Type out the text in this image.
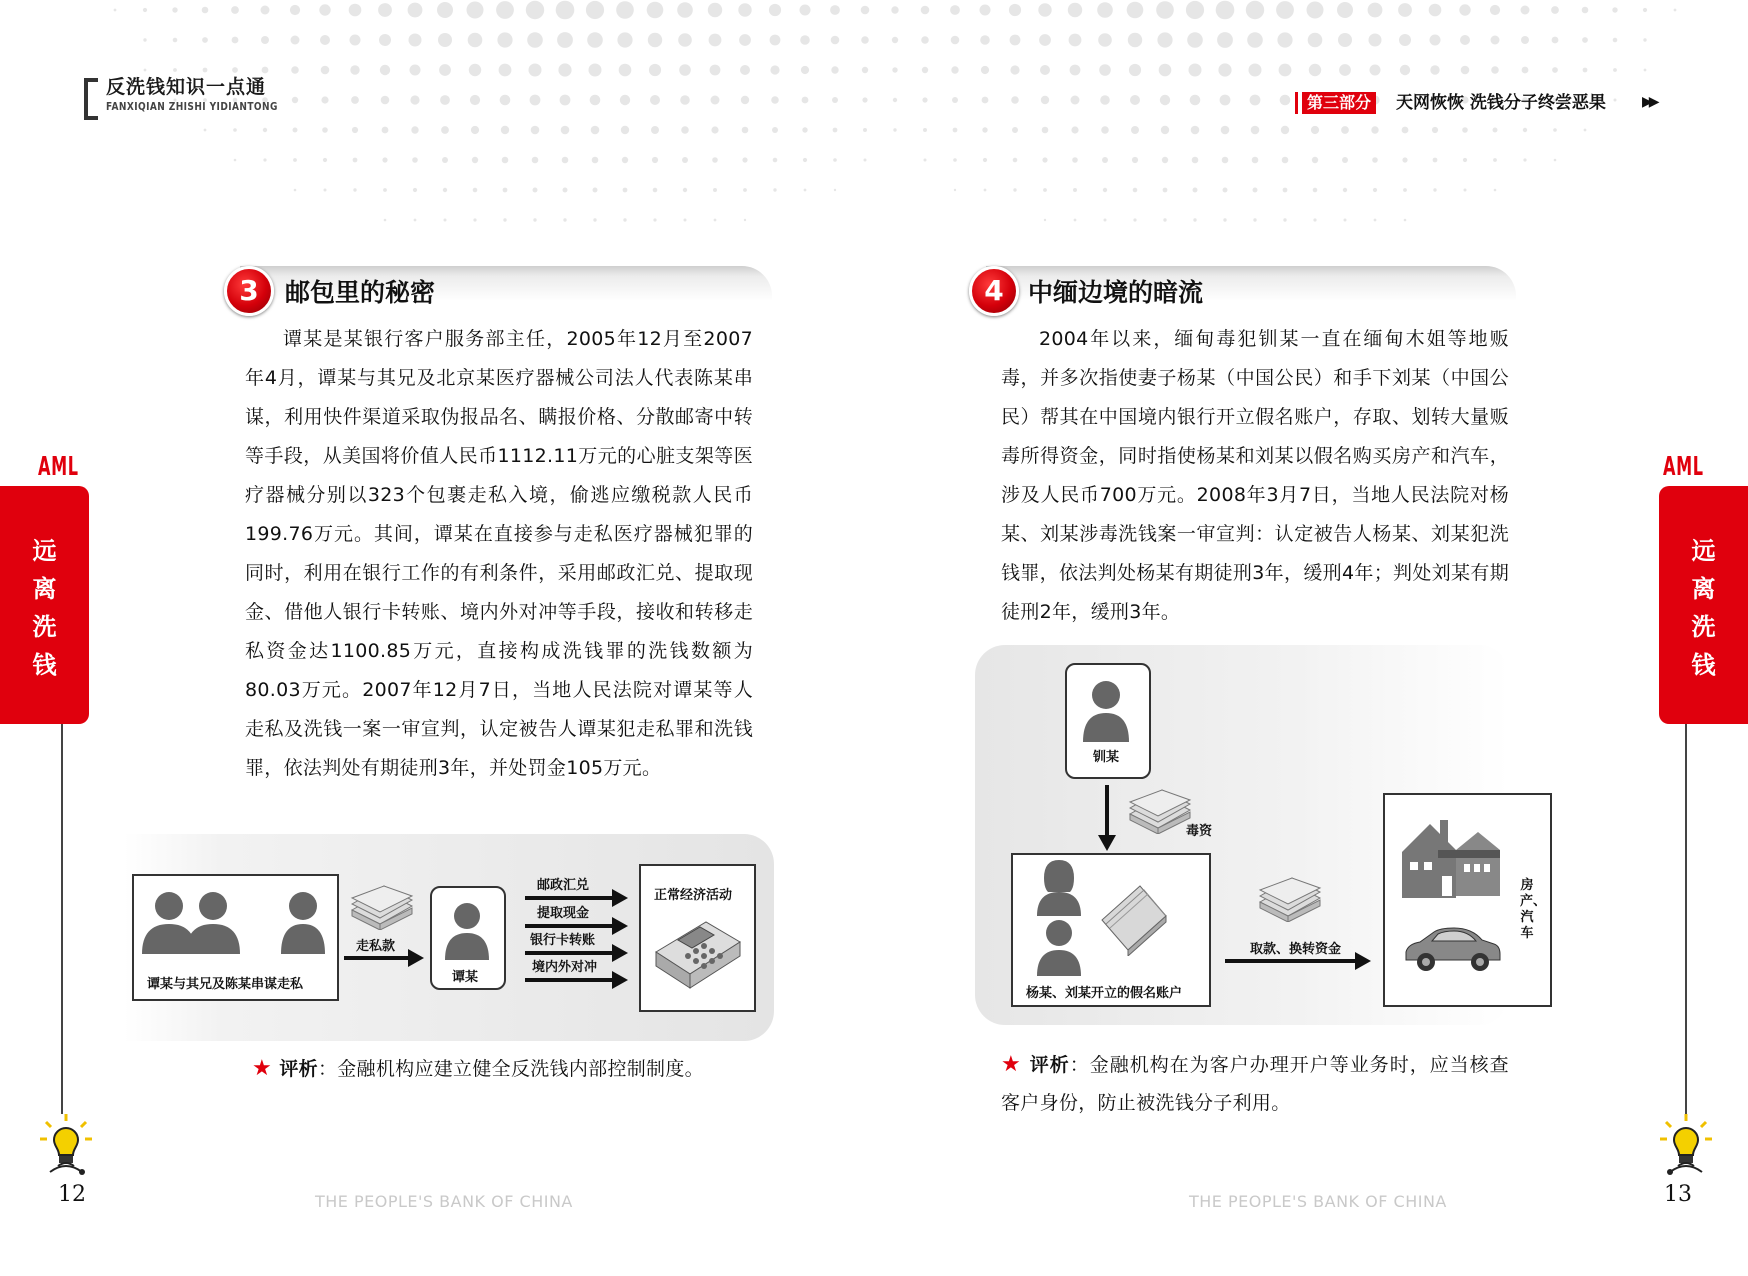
反洗钱知识一点通
FANXIQIAN ZHISHI YIDIANTONG	第三部分 天网恢恢 洗钱分子终尝恶果	▶▶
AML
远离洗钱
AML
远离洗钱
12	13
THE PEOPLE'S BANK OF CHINA	THE PEOPLE'S BANK OF CHINA
3	邮包里的秘密
谭某是某银行客户服务部主任，2005年12月至2007年4月，谭某与其兄及北京某医疗器械公司法人代表陈某串谋，利用快件渠道采取伪报品名、瞒报价格、分散邮寄中转等手段，从美国将价值人民币1112.11万元的心脏支架等医疗器械分别以323个包裹走私入境，偷逃应缴税款人民币199.76万元。其间，谭某在直接参与走私医疗器械犯罪的同时，利用在银行工作的有利条件，采用邮政汇兑、提取现金、借他人银行卡转账、境内外对冲等手段，接收和转移走私资金达1100.85万元，直接构成洗钱罪的洗钱数额为80.03万元。2007年12月7日，当地人民法院对谭某等人走私及洗钱一案一审宣判，认定被告人谭某犯走私罪和洗钱罪，依法判处有期徒刑3年，并处罚金105万元。
谭某与其兄及陈某串谋走私
走私款
谭某
邮政汇兑
提取现金
银行卡转账
境内外对冲
正常经济活动
★ 评析：金融机构应建立健全反洗钱内部控制制度。
4 中缅边境的暗流
2004年以来，缅甸毒犯钏某一直在缅甸木姐等地贩毒，并多次指使妻子杨某（中国公民）和手下刘某（中国公民）帮其在中国境内银行开立假名账户，存取、划转大量贩毒所得资金，同时指使杨某和刘某以假名购买房产和汽车，涉及人民币700万元。2008年3月7日，当地人民法院对杨某、刘某涉毒洗钱案一审宣判：认定被告人杨某、刘某犯洗钱罪，依法判处杨某有期徒刑3年，缓刑4年；判处刘某有期徒刑2年，缓刑3年。
钏某
毒资
杨某、刘某开立的假名账户
取款、换转资金
房产、汽车
★ 评析：金融机构在为客户办理开户等业务时，应当核查客户身份，防止被洗钱分子利用。
